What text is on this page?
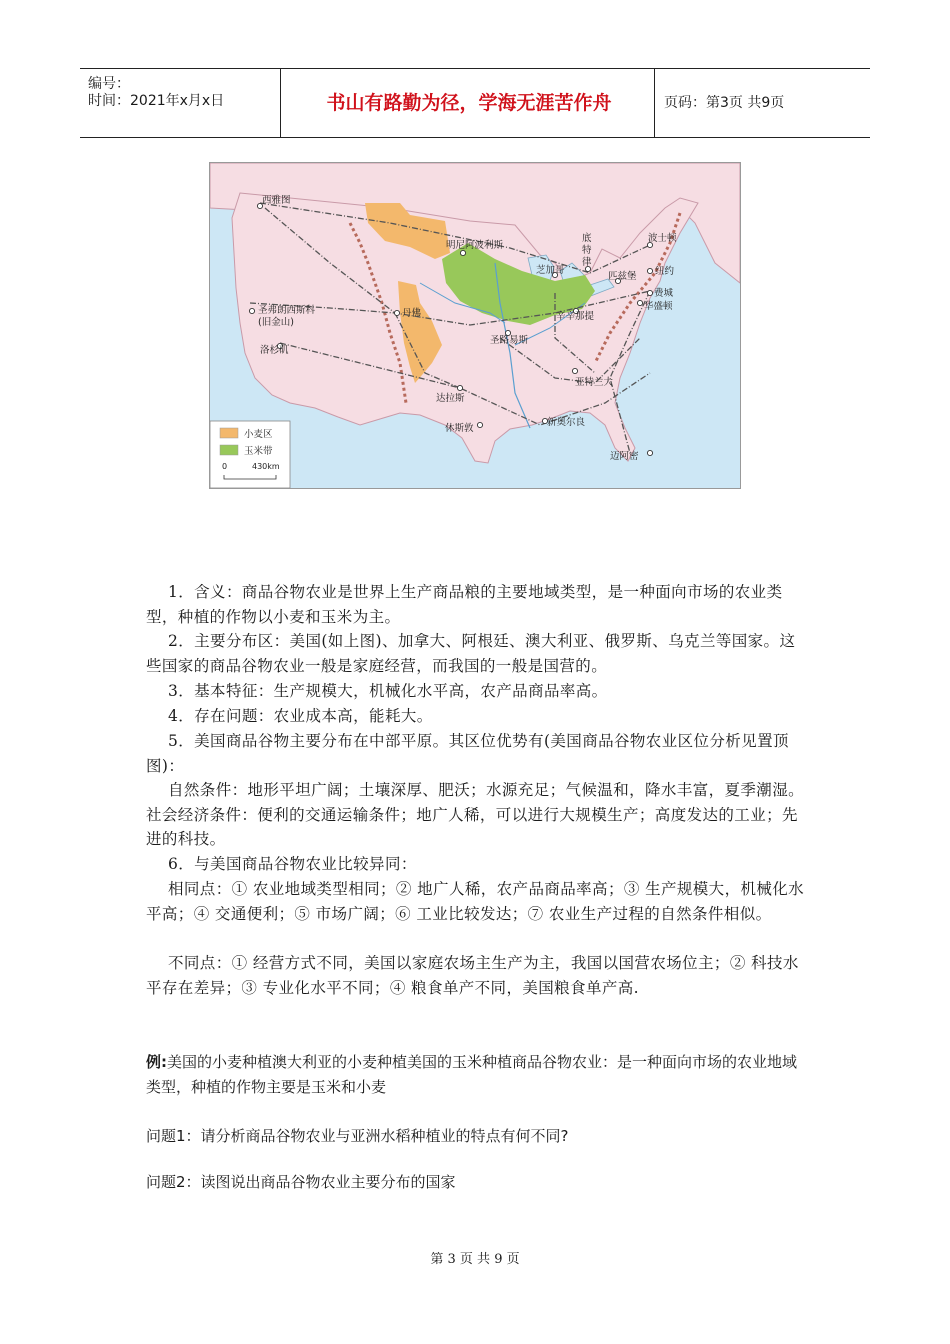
编号：
时间：2021年x月x日	书山有路勤为径，学海无涯苦作舟	页码：第3页 共9页
西雅图
圣弗朗西斯科
(旧金山)
洛杉矶
丹佛
明尼阿波利斯
芝加哥
底
特
律
波士顿
匹兹堡 纽约
费城
华盛顿
辛辛那提
圣路易斯
亚特兰大
达拉斯
休斯敦
新奥尔良
迈阿密
小麦区
玉米带
0	430km
1．含义：商品谷物农业是世界上生产商品粮的主要地域类型，是一种面向市场的农业类型，种植的作物以小麦和玉米为主。
2．主要分布区：美国(如上图)、加拿大、阿根廷、澳大利亚、俄罗斯、乌克兰等国家。这些国家的商品谷物农业一般是家庭经营，而我国的一般是国营的。
3．基本特征：生产规模大，机械化水平高，农产品商品率高。
4．存在问题：农业成本高，能耗大。
5．美国商品谷物主要分布在中部平原。其区位优势有(美国商品谷物农业区位分析见置顶图)：
自然条件：地形平坦广阔；土壤深厚、肥沃；水源充足；气候温和，降水丰富，夏季潮湿。社会经济条件：便利的交通运输条件；地广人稀，可以进行大规模生产；高度发达的工业；先进的科技。
6．与美国商品谷物农业比较异同：
相同点：① 农业地域类型相同；② 地广人稀，农产品商品率高；③ 生产规模大，机械化水平高；④ 交通便利；⑤ 市场广阔；⑥ 工业比较发达；⑦ 农业生产过程的自然条件相似。
不同点：① 经营方式不同，美国以家庭农场主生产为主，我国以国营农场位主；② 科技水平存在差异；③ 专业化水平不同；④ 粮食单产不同，美国粮食单产高.
例:美国的小麦种植澳大利亚的小麦种植美国的玉米种植商品谷物农业：是一种面向市场的农业地域类型，种植的作物主要是玉米和小麦
问题1：请分析商品谷物农业与亚洲水稻种植业的特点有何不同?
问题2：读图说出商品谷物农业主要分布的国家
第 3 页 共 9 页
